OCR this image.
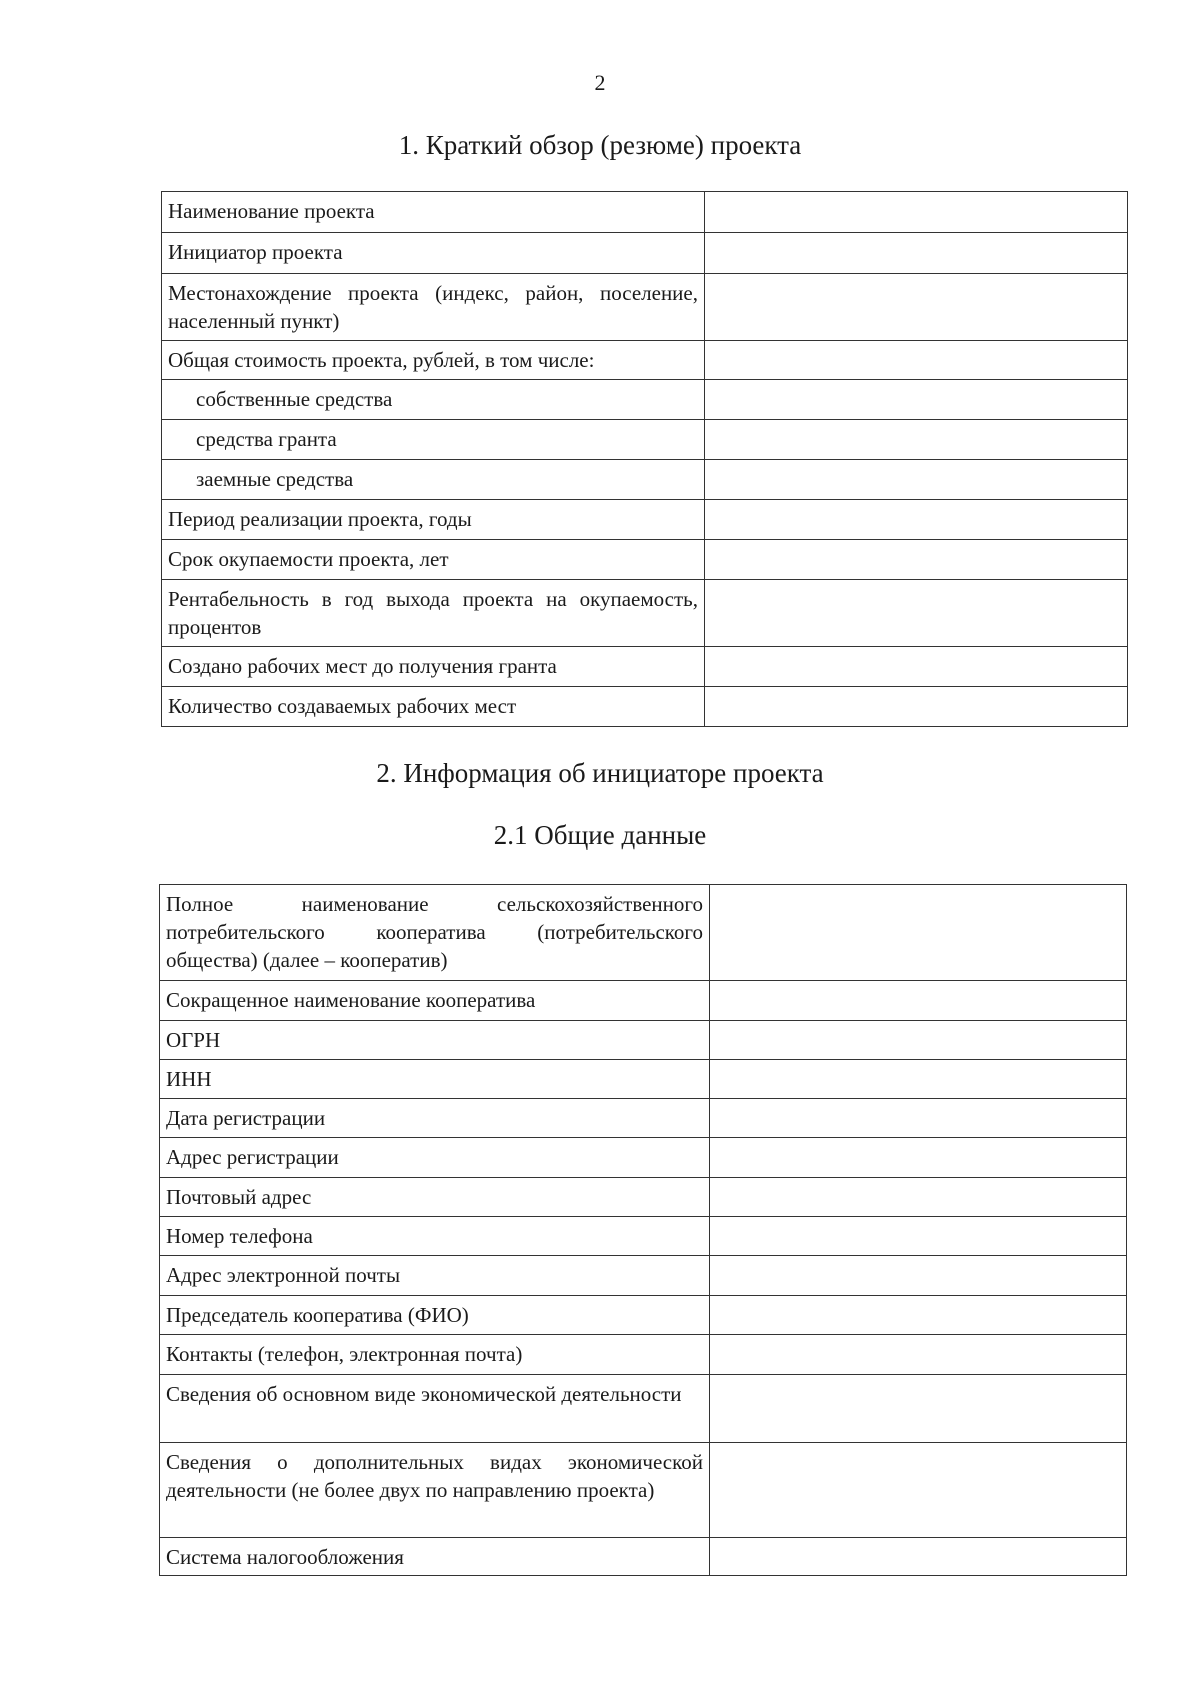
2
1. Краткий обзор (резюме) проекта
Наименование проекта	
Инициатор проекта	
Местонахождение проекта (индекс, район, поселение, населенный пункт)	
Общая стоимость проекта, рублей, в том числе:	
собственные средства	
средства гранта	
заемные средства	
Период реализации проекта, годы	
Срок окупаемости проекта, лет	
Рентабельность в год выхода проекта на окупаемость, процентов	
Создано рабочих мест до получения гранта	
Количество создаваемых рабочих мест	
2. Информация об инициаторе проекта
2.1 Общие данные
Полное наименование сельскохозяйственного потребительского кооператива (потребительского общества) (далее – кооператив)	
Сокращенное наименование кооператива	
ОГРН	
ИНН	
Дата регистрации	
Адрес регистрации	
Почтовый адрес	
Номер телефона	
Адрес электронной почты	
Председатель кооператива (ФИО)	
Контакты (телефон, электронная почта)	
Сведения об основном виде экономической деятельности	
Сведения о дополнительных видах экономической деятельности (не более двух по направлению проекта)	
Система налогообложения	
